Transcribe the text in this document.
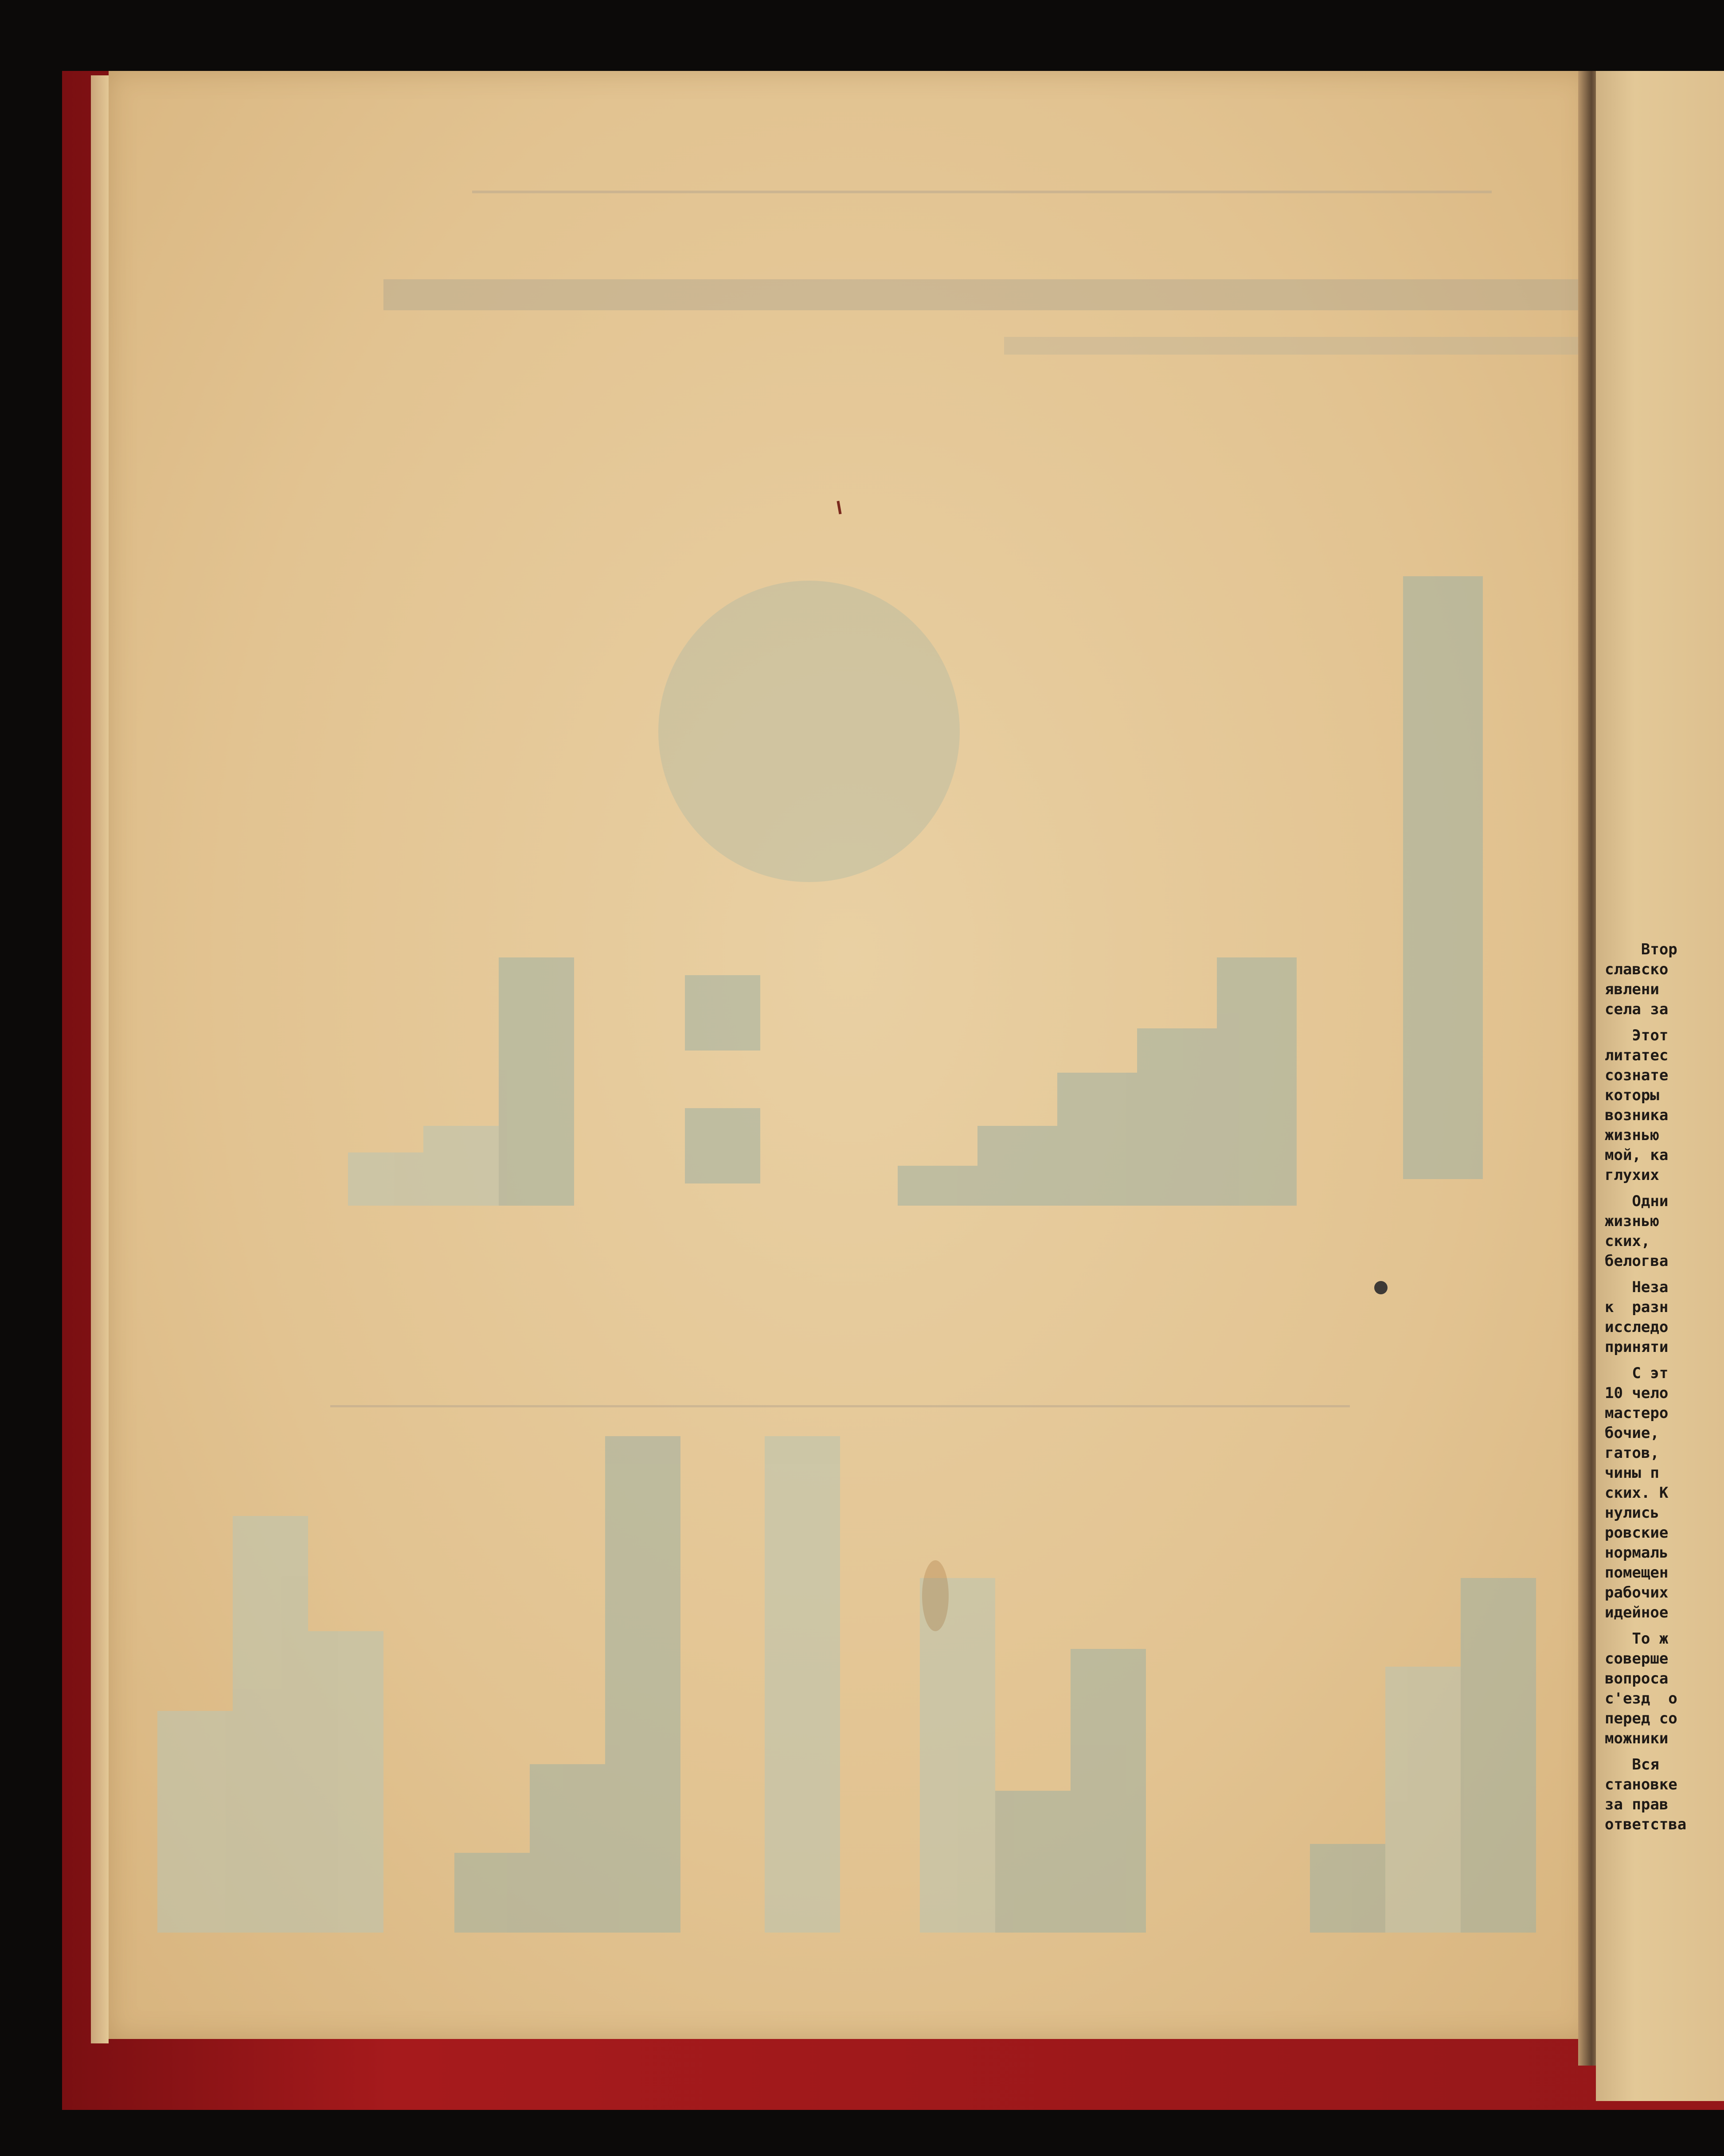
Втор
славско
явлени
села за
Этот
литатес
сознате
которы
возника
жизнью
мой, ка
глухих
Одни
жизнью
ских,
белогва
Неза
к  разн
исследо
приняти
С эт
10 чело
мастеро
бочие,
гатов,
чины п
ских. К
нулись
ровские
нормаль
помещен
рабочих
идейное
То ж
соверше
вопроса
с'езд  о
перед со
можники
Вся
становке
за прав
ответства
